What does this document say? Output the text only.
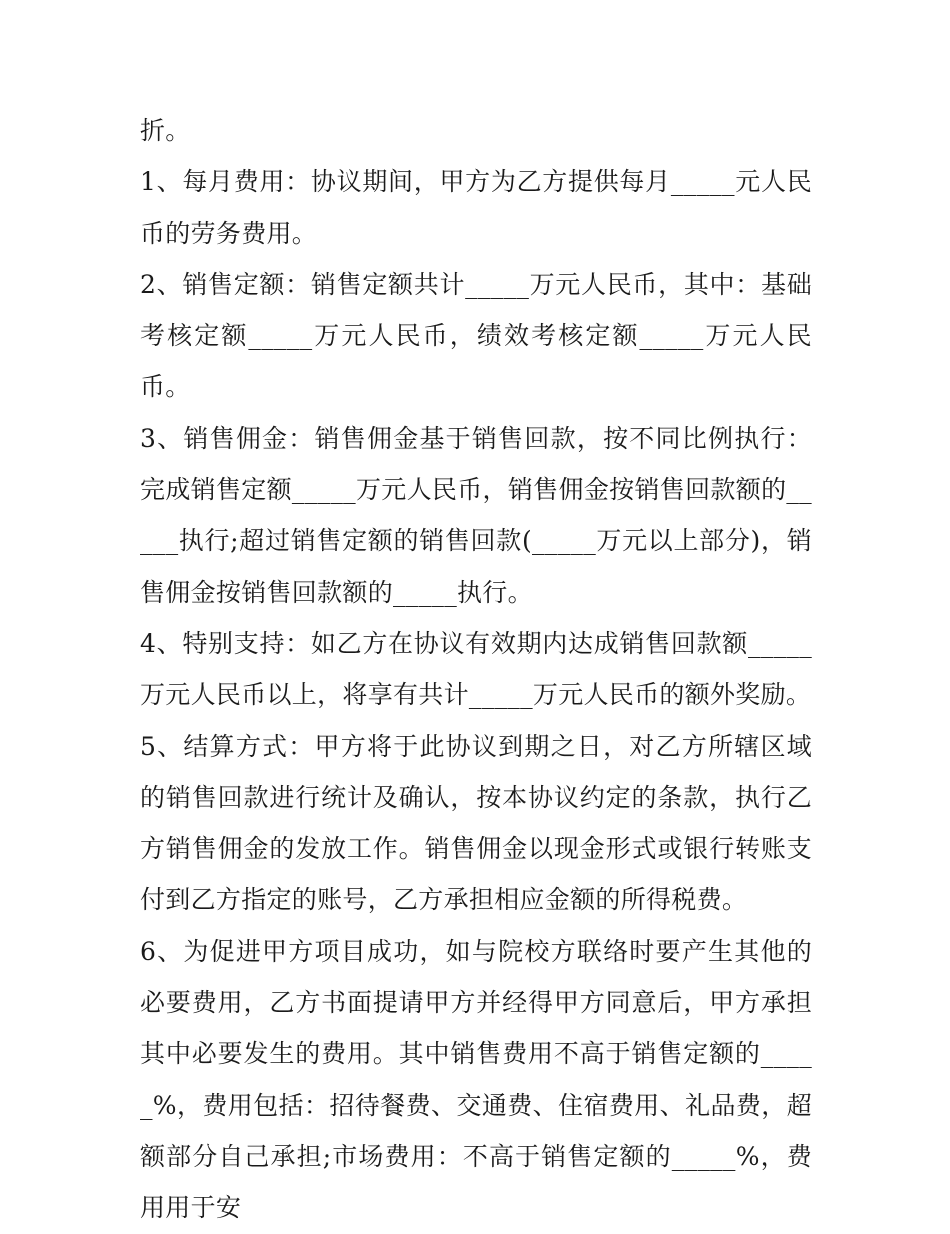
折。

1、每月费用：协议期间，甲方为乙方提供每月_____元人民币的劳务费用。

2、销售定额：销售定额共计_____万元人民币，其中：基础考核定额_____万元人民币，绩效考核定额_____万元人民币。

3、销售佣金：销售佣金基于销售回款，按不同比例执行：完成销售定额_____万元人民币，销售佣金按销售回款额的_____执行;超过销售定额的销售回款(_____万元以上部分)，销售佣金按销售回款额的_____执行。

4、特别支持：如乙方在协议有效期内达成销售回款额_____万元人民币以上，将享有共计_____万元人民币的额外奖励。

5、结算方式：甲方将于此协议到期之日，对乙方所辖区域的销售回款进行统计及确认，按本协议约定的条款，执行乙方销售佣金的发放工作。销售佣金以现金形式或银行转账支付到乙方指定的账号，乙方承担相应金额的所得税费。

6、为促进甲方项目成功，如与院校方联络时要产生其他的必要费用，乙方书面提请甲方并经得甲方同意后，甲方承担其中必要发生的费用。其中销售费用不高于销售定额的_____%，费用包括：招待餐费、交通费、住宿费用、礼品费，超额部分自己承担;市场费用：不高于销售定额的_____%，费用用于安
